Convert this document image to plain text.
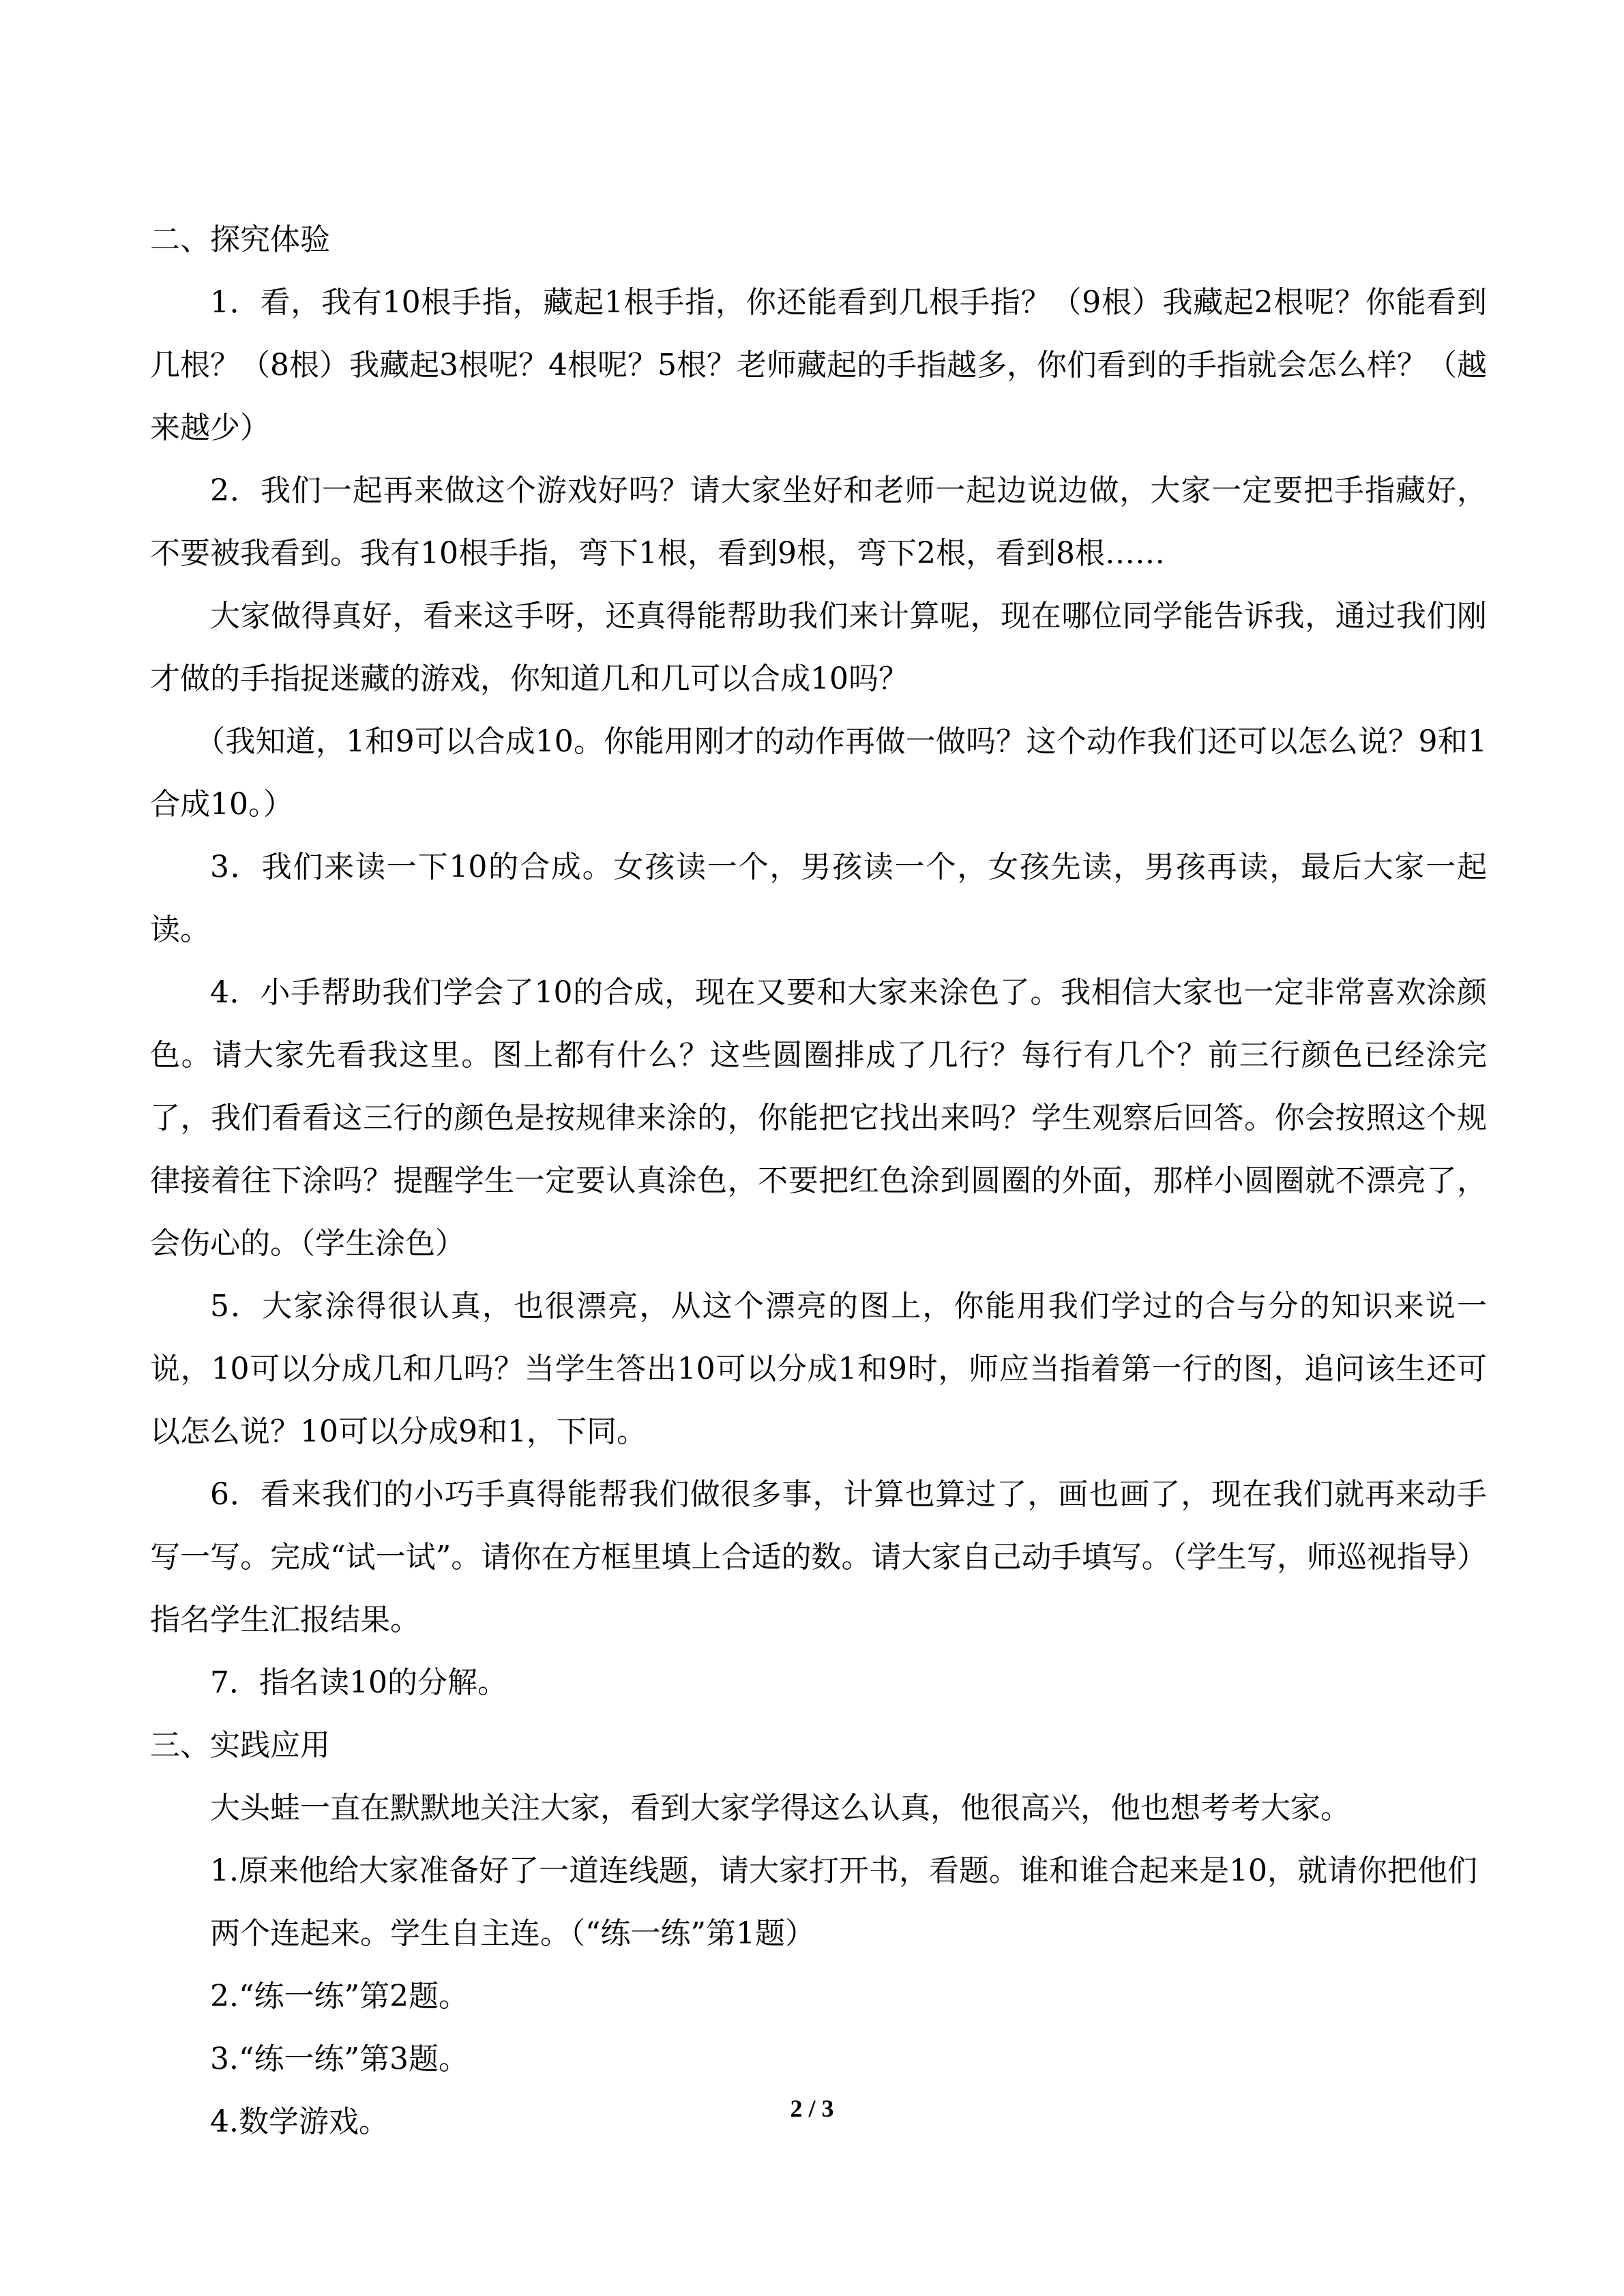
二、探究体验

1．看，我有10根手指，藏起1根手指，你还能看到几根手指？（9根）我藏起2根呢？你能看到几根？（8根）我藏起3根呢？4根呢？5根？老师藏起的手指越多，你们看到的手指就会怎么样？（越来越少）

2．我们一起再来做这个游戏好吗？请大家坐好和老师一起边说边做，大家一定要把手指藏好，不要被我看到。我有10根手指，弯下1根，看到9根，弯下2根，看到8根……

大家做得真好，看来这手呀，还真得能帮助我们来计算呢，现在哪位同学能告诉我，通过我们刚才做的手指捉迷藏的游戏，你知道几和几可以合成10吗？

（我知道，1和9可以合成10。你能用刚才的动作再做一做吗？这个动作我们还可以怎么说？9和1合成10。）

3．我们来读一下10的合成。女孩读一个，男孩读一个，女孩先读，男孩再读，最后大家一起读。

4．小手帮助我们学会了10的合成，现在又要和大家来涂色了。我相信大家也一定非常喜欢涂颜色。请大家先看我这里。图上都有什么？这些圆圈排成了几行？每行有几个？前三行颜色已经涂完了，我们看看这三行的颜色是按规律来涂的，你能把它找出来吗？学生观察后回答。你会按照这个规律接着往下涂吗？提醒学生一定要认真涂色，不要把红色涂到圆圈的外面，那样小圆圈就不漂亮了，会伤心的。（学生涂色）

5．大家涂得很认真，也很漂亮，从这个漂亮的图上，你能用我们学过的合与分的知识来说一说，10可以分成几和几吗？当学生答出10可以分成1和9时，师应当指着第一行的图，追问该生还可以怎么说？10可以分成9和1，下同。

6．看来我们的小巧手真得能帮我们做很多事，计算也算过了，画也画了，现在我们就再来动手写一写。完成“试一试”。请你在方框里填上合适的数。请大家自己动手填写。（学生写，师巡视指导）指名学生汇报结果。

7．指名读10的分解。

三、实践应用

大头蛙一直在默默地关注大家，看到大家学得这么认真，他很高兴，他也想考考大家。

1.原来他给大家准备好了一道连线题，请大家打开书，看题。谁和谁合起来是10，就请你把他们两个连起来。学生自主连。（“练一练”第1题）

2.“练一练”第2题。

3.“练一练”第3题。

4.数学游戏。	2 / 3
